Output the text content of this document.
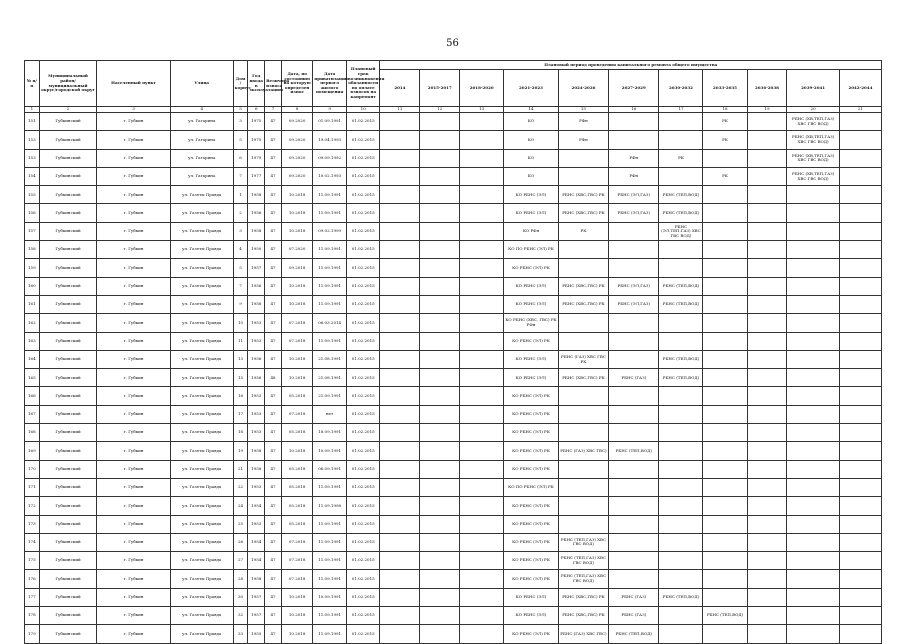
56
№ п/п	Муниципальный район/ муниципальный округ/городской округ	Населенный пункт	Улица	Дом / корпус	Год ввода в эксплуатацию	Величина износа	Дата, по состоянию на которую определен износ	Дата приватизации первого жилого помещения	Плановый срок возникновения обязанности по оплате взносов на капремонт	Плановый период проведения капитального ремонта общего имущества										
										2014	2015-2017	2018-2020	2021-2023	2024-2026	2027-2029	2030-2032	2033-2035	2036-2038	2039-2041	2042-2044
1	2	3	4	5	6	7	8	9	10	11	12	13	14	15	16	17	18	19	20	21
151	Губкинский	г. Губкин	ул. Гагарина	3	1975	47	09.2020	01.09.1991	01.02.2015				КО	РФн			РК		РБНС (ХВ,ТЕП,ГАЗ) ХВС ГВС ВОД)	
153	Губкинский	г. Губкин	ул. Гагарина	5	1975	47	09.2020	19.04.1993	01.02.2015				КО	РФн			РК		РБНС (ХВ,ТЕП,ГАЗ) ХВС ГВС ВОД)	
153	Губкинский	г. Губкин	ул. Гагарина	6	1979	47	09.2020	09.09.1992	01.02.2015				КО		РФн	РК			РБНС (ХВ,ТЕП,ГАЗ) ХВС ГВС ВОД)	
154	Губкинский	г. Губкин	ул. Гагарина	7	1977	47	09.2020	10.02.1993	01.02.2015				КО		РФн		РК		РБНС (ХВ,ТЕП,ГАЗ) ХВС ГВС ВОД)	
155	Губкинский	г. Губкин	ул. Газеты Правда	1	1958	47	10.2018	11.09.1991	01.02.2015				КО РБНС (ЭЛ)	РБНС (ХВС,ГВС) РК	РБНС (ЭЛ,ГАЗ)	РБНС (ТЕП,ВОД)				
156	Губкинский	г. Губкин	ул. Газеты Правда	2	1956	47	10.2018	11.09.1991	01.02.2015				КО РБНС (ЭЛ)	РБНС (ХВС,ГВС) РК	РБНС (ЭЛ,ГАЗ)	РБНС (ТЕП,ВОД)				
157	Губкинский	г. Губкин	ул. Газеты Правда	3	1958	47	10.2018	09.02.1999	01.02.2015				КО РФн	РК		РБНС (ЭЛ,ТЕП,ГАЗ) ХВС ГВС ВОД)				
158	Губкинский	г. Губкин	ул. Газеты Правда	4	1950	47	07.2020	11.09.1991	01.02.2015				КО ПО РБНС (ЭЛ) РК							
159	Губкинский	г. Губкин	ул. Газеты Правда	5	1957	47	09.2018	11.09.1991	01.02.2015				КО РБНС (ЭЛ) РК							
160	Губкинский	г. Губкин	ул. Газеты Правда	7	1956	47	10.2018	11.09.1991	01.02.2015				КО РБНС (ЭЛ)	РБНС (ХВС,ГВС) РК	РБНС (ЭЛ,ГАЗ)	РБНС (ТЕП,ВОД)				
161	Губкинский	г. Губкин	ул. Газеты Правда	9	1958	47	10.2018	11.09.1991	01.02.2015				КО РБНС (ЭЛ)	РБНС (ХВС,ГВС) РК	РБНС (ЭЛ,ГАЗ)	РБНС (ТЕП,ВОД)				
162	Губкинский	г. Губкин	ул. Газеты Правда	10	1953	47	07.2018	06.03.2014	01.02.2015				КО РБНС (ХВС, ГВС) РК РФн							
163	Губкинский	г. Губкин	ул. Газеты Правда	11	1953	47	07.2018	11.09.1991	01.02.2015				КО РБНС (ЭЛ) РК							
164	Губкинский	г. Губкин	ул. Газеты Правда	13	1956	47	10.2018	21.08.1991	01.02.2015				КО РБНС (ЭЛ)	РБНС (ГАЗ) ХВС ГВС РК		РБНС (ТЕП,ВОД)				
165	Губкинский	г. Губкин	ул. Газеты Правда	15	1956	48	10.2018	21.08.1991	01.02.2015				КО РБНС (ЭЛ)	РБНС (ХВС,ГВС) РК	РБНС (ГАЗ)	РБНС (ТЕП,ВОД)				
166	Губкинский	г. Губкин	ул. Газеты Правда	16	1953	47	05.2018	21.09.1991	01.02.2015				КО РБНС (ЭЛ) РК							
167	Губкинский	г. Губкин	ул. Газеты Правда	17	1953	47	07.2018	нет	01.02.2015				КО РБНС (ЭЛ) РК							
168	Губкинский	г. Губкин	ул. Газеты Правда	18	1953	47	05.2018	18.09.1991	01.02.2015				КО РБНС (ЭЛ) РК							
169	Губкинский	г. Губкин	ул. Газеты Правда	19	1958	47	10.2018	10.09.1991	01.02.2015				КО РБНС (ЭЛ) РК	РБНС (ГАЗ) ХВС ГВС)	РБНС (ТЕП,ВОД)					
170	Губкинский	г. Губкин	ул. Газеты Правда	21	1958	47	05.2018	06.09.1991	01.02.2015				КО РБНС (ЭЛ) РК							
171	Губкинский	г. Губкин	ул. Газеты Правда	22	1953	47	05.2018	11.09.1991	01.02.2015				КО ПО РБНС (ЭЛ) РК							
172	Губкинский	г. Губкин	ул. Газеты Правда	24	1954	47	05.2018	11.09.1998	01.02.2015				КО РБНС (ЭЛ) РК							
173	Губкинский	г. Губкин	ул. Газеты Правда	25	1953	47	05.2018	11.09.1991	01.02.2015				КО РБНС (ЭЛ) РК							
174	Губкинский	г. Губкин	ул. Газеты Правда	26	1954	47	07.2018	11.09.1991	01.02.2015				КО РБНС (ЭЛ) РК	РБНС (ТЕП,ГАЗ) ХВС ГВС ВОД)						
175	Губкинский	г. Губкин	ул. Газеты Правда	27	1954	47	07.2018	11.09.1991	01.02.2015				КО РБНС (ЭЛ) РК	РБНС (ТЕП,ГАЗ) ХВС ГВС ВОД)						
176	Губкинский	г. Губкин	ул. Газеты Правда	28	1958	47	07.2018	11.09.1991	01.02.2015				КО РБНС (ЭЛ) РК	РБНС (ТЕП,ГАЗ) ХВС ГВС ВОД)						
177	Губкинский	г. Губкин	ул. Газеты Правда	30	1957	47	10.2018	10.09.1991	01.02.2015				КО РБНС (ЭЛ)	РБНС (ХВС,ГВС) РК	РБНС (ГАЗ)	РБНС (ТЕП,ВОД)				
178	Губкинский	г. Губкин	ул. Газеты Правда	32	1957	47	10.2018	11.09.1991	01.02.2015				КО РБНС (ЭЛ)	РБНС (ХВС,ГВС) РК	РБНС (ГАЗ)		РБНС (ТЕП,ВОД)			
179	Губкинский	г. Губкин	ул. Газеты Правда	33	1955	47	10.2018	11.09.1991	01.02.2015				КО РБНС (ЭЛ) РК	РБНС (ГАЗ) ХВС ГВС)	РБНС (ТЕП,ВОД)					
